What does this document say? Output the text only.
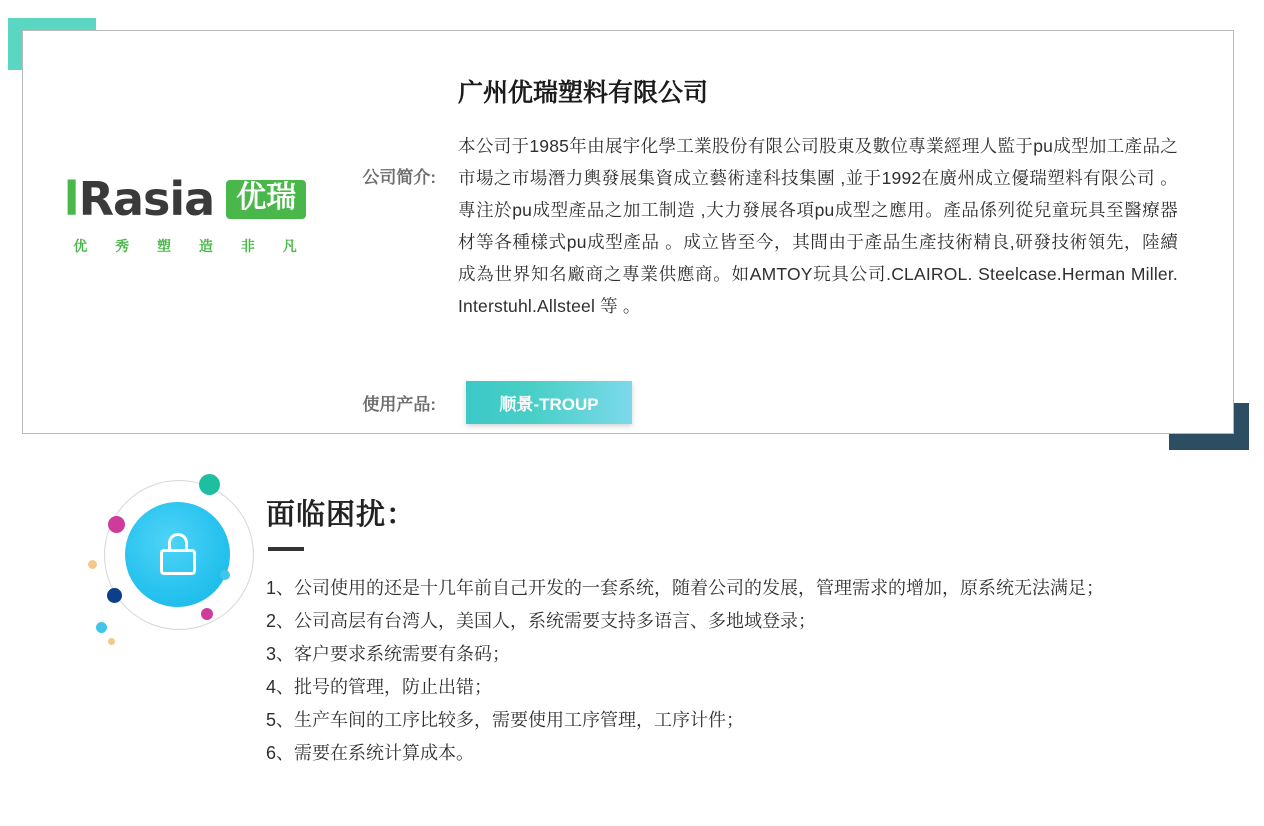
lRasia 优瑞
优 秀 塑 造 非 凡
广州优瑞塑料有限公司
公司简介:
本公司于1985年由展宇化學工業股份有限公司股東及數位專業經理人監于pu成型加工產品之市場之市場潛力輿發展集資成立藝術達科技集團 ,並于1992在廣州成立優瑞塑料有限公司 。專注於pu成型產品之加工制造 ,大力發展各項pu成型之應用。產品係列從兒童玩具至醫療器材等各種樣式pu成型產品 。成立皆至今，其間由于產品生產技術精良,研發技術領先，陸續成為世界知名廠商之專業供應商。如AMTOY玩具公司.CLAIROL. Steelcase.Herman Miller. Interstuhl.Allsteel 等 。
使用产品:	顺景-TROUP
面临困扰：
1、公司使用的还是十几年前自己开发的一套系统，随着公司的发展，管理需求的增加，原系统无法满足；
2、公司高层有台湾人，美国人，系统需要支持多语言、多地域登录；
3、客户要求系统需要有条码；
4、批号的管理，防止出错；
5、生产车间的工序比较多，需要使用工序管理，工序计件；
6、需要在系统计算成本。
